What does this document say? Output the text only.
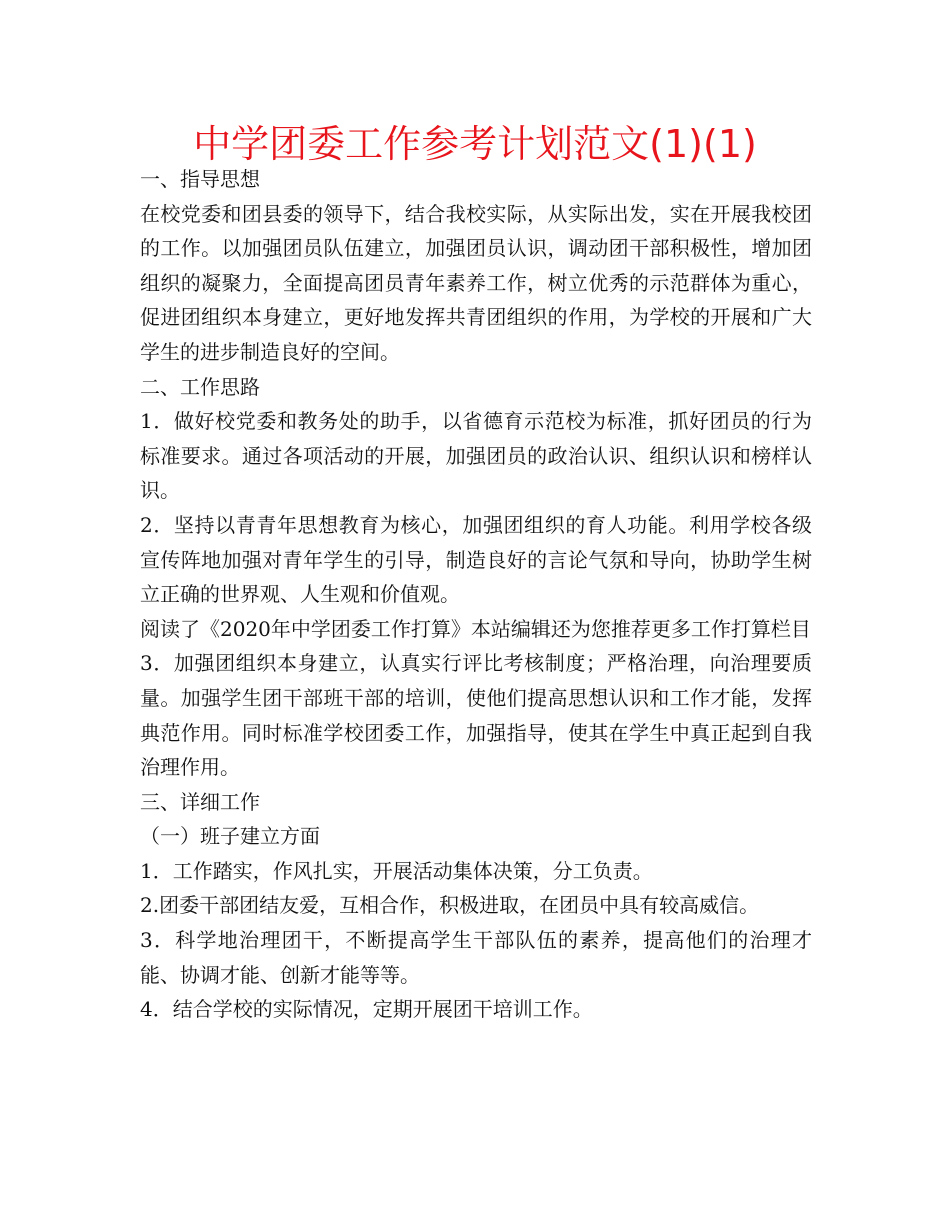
中学团委工作参考计划范文(1)(1)

一、指导思想

在校党委和团县委的领导下，结合我校实际，从实际出发，实在开展我校团的工作。以加强团员队伍建立，加强团员认识，调动团干部积极性，增加团组织的凝聚力，全面提高团员青年素养工作，树立优秀的示范群体为重心，促进团组织本身建立，更好地发挥共青团组织的作用，为学校的开展和广大学生的进步制造良好的空间。

二、工作思路

1．做好校党委和教务处的助手，以省德育示范校为标准，抓好团员的行为标准要求。通过各项活动的开展，加强团员的政治认识、组织认识和榜样认识。

2．坚持以青青年思想教育为核心，加强团组织的育人功能。利用学校各级宣传阵地加强对青年学生的引导，制造良好的言论气氛和导向，协助学生树立正确的世界观、人生观和价值观。

阅读了《2020年中学团委工作打算》本站编辑还为您推荐更多工作打算栏目

3．加强团组织本身建立，认真实行评比考核制度；严格治理，向治理要质量。加强学生团干部班干部的培训，使他们提高思想认识和工作才能，发挥典范作用。同时标准学校团委工作，加强指导，使其在学生中真正起到自我治理作用。

三、详细工作

（一）班子建立方面

1．工作踏实，作风扎实，开展活动集体决策，分工负责。

2.团委干部团结友爱，互相合作，积极进取，在团员中具有较高威信。

3．科学地治理团干，不断提高学生干部队伍的素养，提高他们的治理才能、协调才能、创新才能等等。

4．结合学校的实际情况，定期开展团干培训工作。
